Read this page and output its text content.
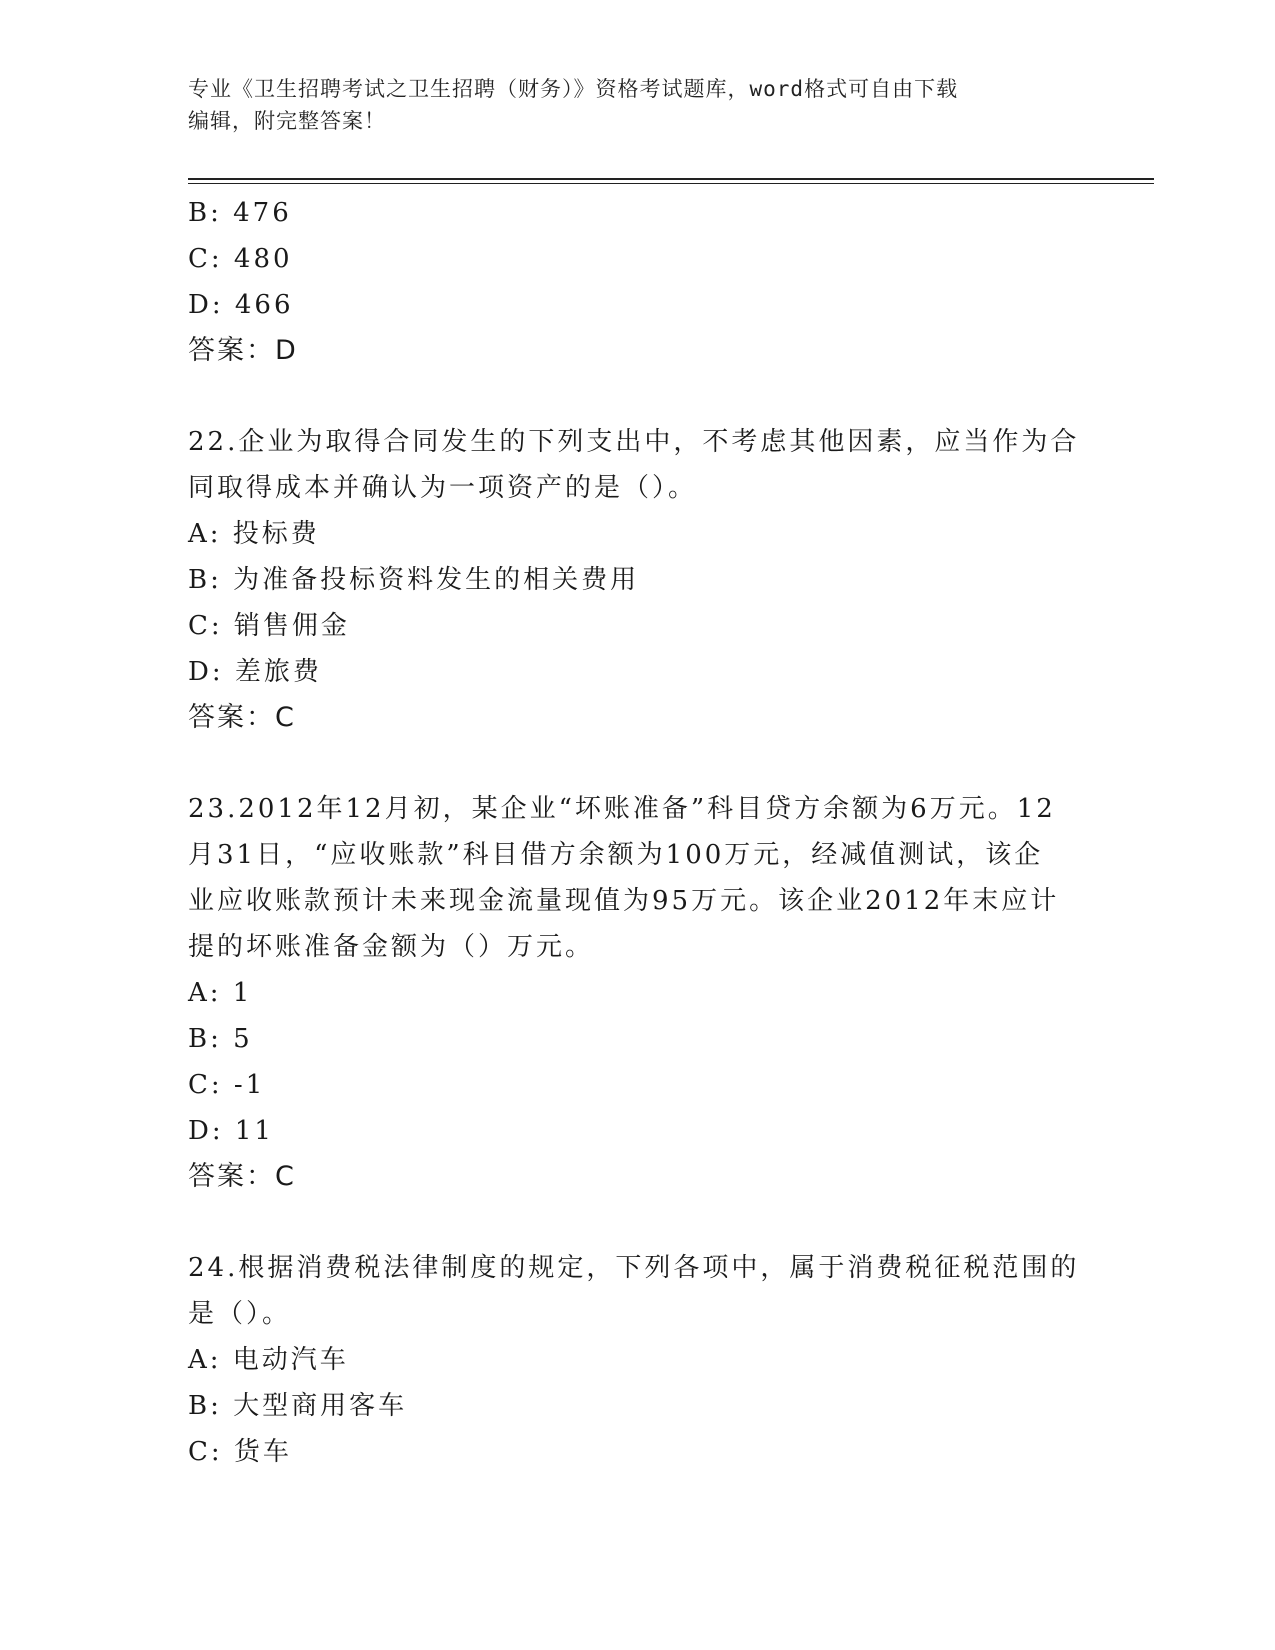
专业《卫生招聘考试之卫生招聘（财务）》资格考试题库，word格式可自由下载
编辑，附完整答案！
B: 476
C: 480
D: 466
答案：D
22.企业为取得合同发生的下列支出中，不考虑其他因素，应当作为合
同取得成本并确认为一项资产的是（）。
A: 投标费
B: 为准备投标资料发生的相关费用
C: 销售佣金
D: 差旅费
答案：C
23.2012年12月初，某企业“坏账准备”科目贷方余额为6万元。12
月31日，“应收账款”科目借方余额为100万元，经减值测试，该企
业应收账款预计未来现金流量现值为95万元。该企业2012年末应计
提的坏账准备金额为（）万元。
A: 1
B: 5
C: -1
D: 11
答案：C
24.根据消费税法律制度的规定，下列各项中，属于消费税征税范围的
是（）。
A: 电动汽车
B: 大型商用客车
C: 货车
